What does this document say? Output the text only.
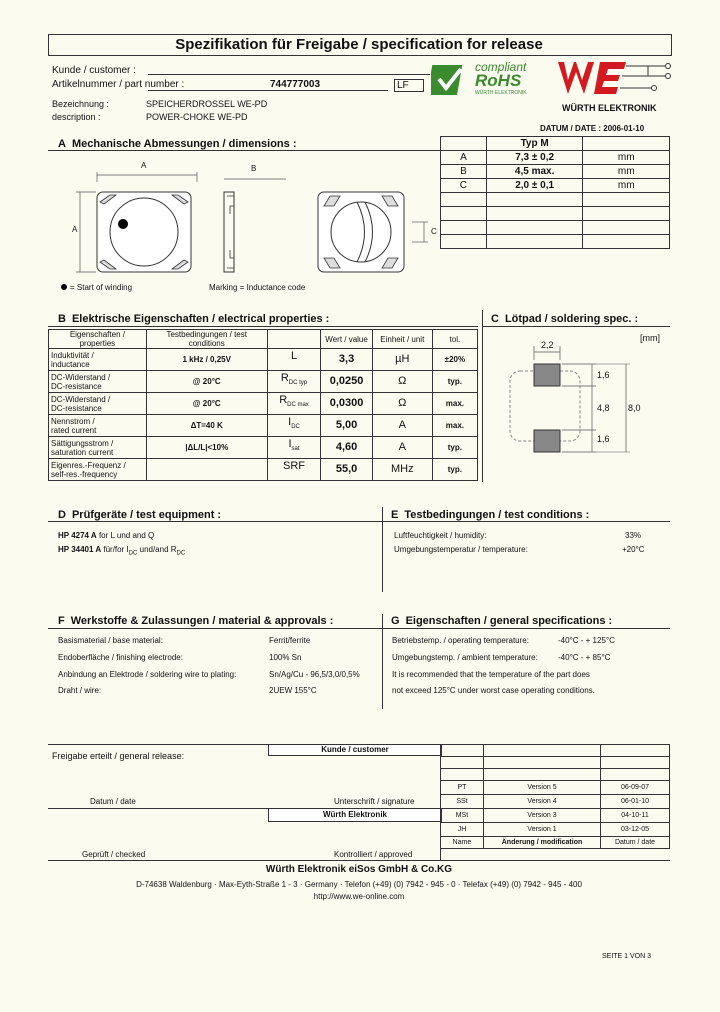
Spezifikation für Freigabe / specification for release
Kunde / customer :
Artikelnummer / part number :	744777003	LF
Bezeichnung :	SPEICHERDROSSEL WE-PD
description :	POWER-CHOKE WE-PD
compliant
RoHS
WÜRTH ELEKTRONIK
WÜRTH ELEKTRONIK
DATUM / DATE : 2006-01-10
A Mechanische Abmessungen / dimensions :
A	B
A	C
= Start of winding	Marking = Inductance code
	Typ M	
A	7,3 ± 0,2	mm
B	4,5 max.	mm
C	2,0 ± 0,1	mm

B Elektrische Eigenschaften / electrical properties :
Eigenschaften / properties	Testbedingungen / test conditions		Wert / value	Einheit / unit	tol.
Induktivität /
inductance	1 kHz / 0,25V	L	3,3	µH	±20%
DC-Widerstand /
DC-resistance	@ 20°C	$R_{DC typ}$	0,0250	Ω	typ.
DC-Widerstand /
DC-resistance	@ 20°C	$R_{DC max}$	0,0300	Ω	max.
Nennstrom /
rated current	ΔT=40 K	$I_{DC}$	5,00	A	max.
Sättigungsstrom /
saturation current	|ΔL/L|<10%	$I_{sat}$	4,60	A	typ.
Eigenres.-Frequenz /
self-res.-frequency		SRF	55,0	MHz	typ.
C Lötpad / soldering spec. :
[mm]
2,2
1,6
4,8 8,0
1,6
D Prüfgeräte / test equipment :	E Testbedingungen / test conditions :
HP 4274 A for L und and Q
HP 34401 A für/for $I_{DC}$ und/and $R_{DC}$
Luftfeuchtigkeit / humidity:	33%
Umgebungstemperatur / temperature:	+20°C
F Werkstoffe & Zulassungen / material & approvals :	G Eigenschaften / general specifications :
Basismaterial / base material:	Ferrit/ferrite
Endoberfläche / finishing electrode:	100% Sn
Anbindung an Elektrode / soldering wire to plating:	Sn/Ag/Cu - 96,5/3,0/0,5%
Draht / wire:	2UEW 155°C
Betriebstemp. / operating temperature:	-40°C - + 125°C
Umgebungstemp. / ambient temperature:	-40°C - + 85°C
It is recommended that the temperature of the part does
not exceed 125°C under worst case operating conditions.
Freigabe erteilt / general release:
Kunde / customer
Datum / date	Unterschrift / signature
Würth Elektronik
Geprüft / checked	Kontrolliert / approved

PT	Version 5	06-09-07
SSt	Version 4	06-01-10
MSt	Version 3	04-10-11
JH	Version 1	03-12-05
Name	Änderung / modification	Datum / date
Würth Elektronik eiSos GmbH & Co.KG
D-74638 Waldenburg · Max-Eyth-Straße 1 - 3 · Germany · Telefon (+49) (0) 7942 - 945 - 0 · Telefax (+49) (0) 7942 - 945 - 400
http://www.we-online.com
SEITE 1 VON 3
